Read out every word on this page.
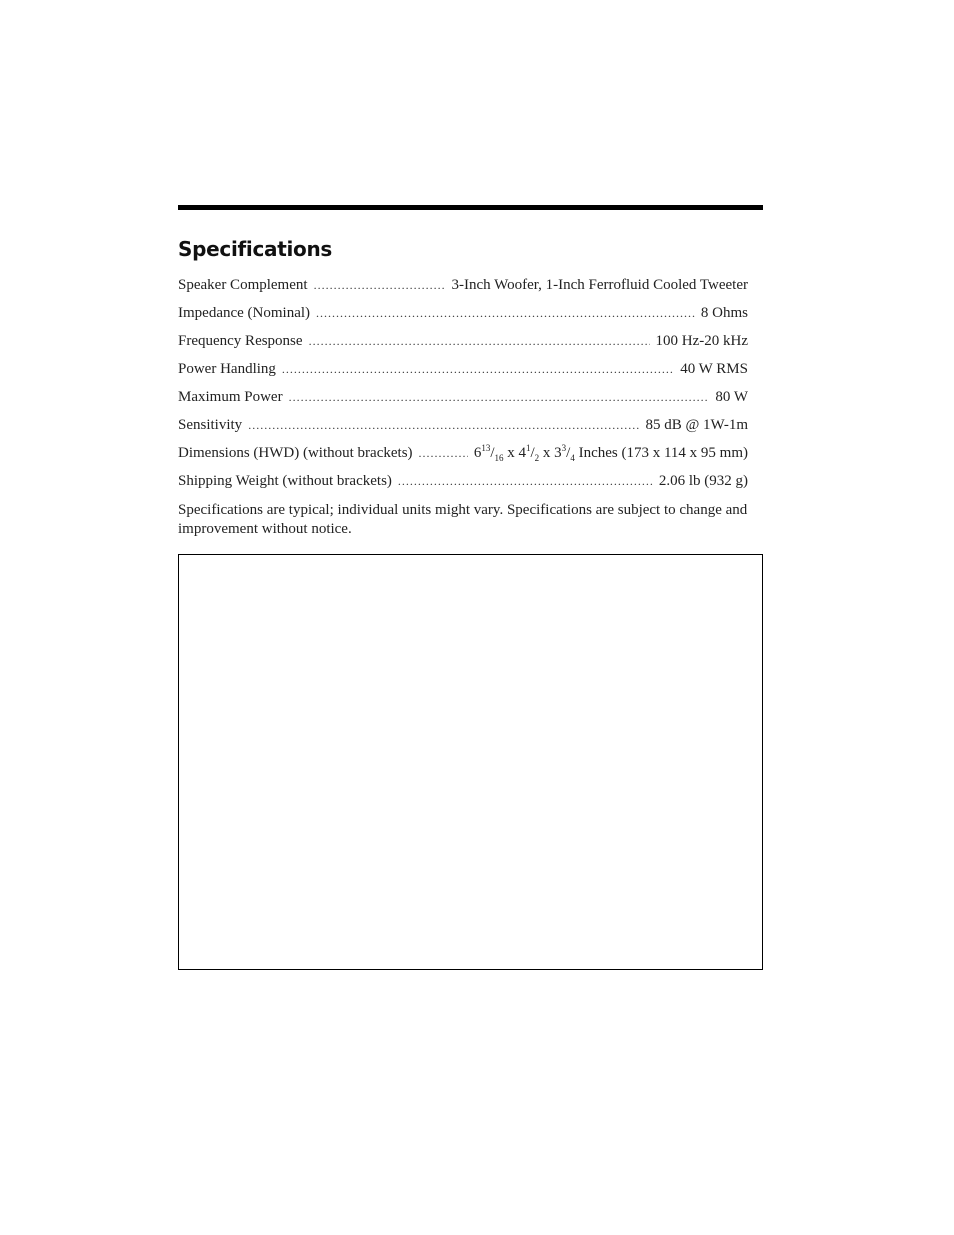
Specifications
Speaker Complement .....	3-Inch Woofer, 1-Inch Ferrofluid Cooled Tweeter
Impedance (Nominal) .....	8 Ohms
Frequency Response .....	100 Hz-20 kHz
Power Handling .....	40 W RMS
Maximum Power .....	80 W
Sensitivity .....	85 dB @ 1W-1m
Dimensions (HWD) (without brackets) .....	$6^{13}/_{16}$ x $4^1/_2$ x $3^3/_4$ Inches (173 x 114 x 95 mm)
Shipping Weight (without brackets) .....	2.06 lb (932 g)
Specifications are typical; individual units might vary. Specifications are subject to change and improvement without notice.
